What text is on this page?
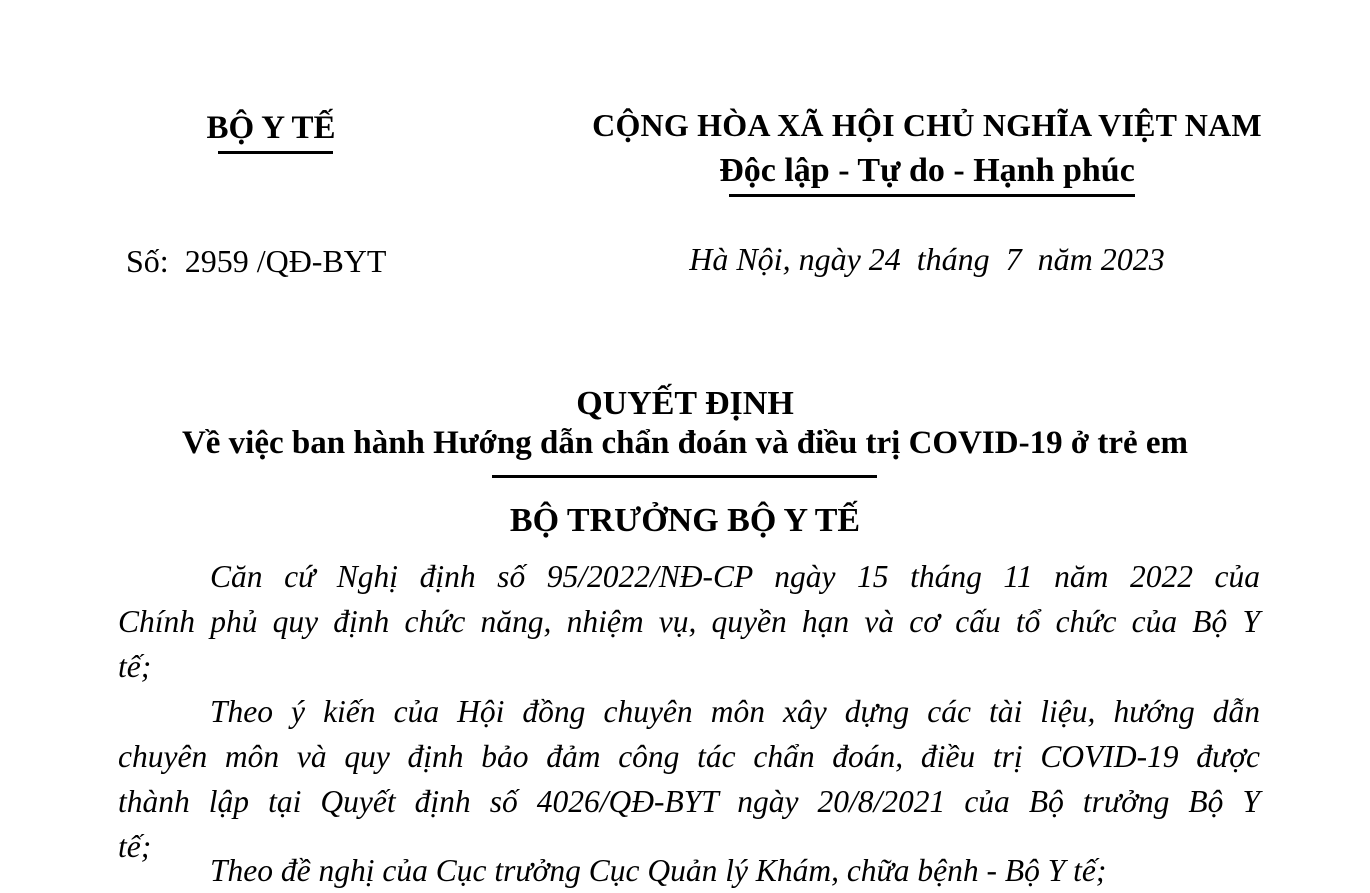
BỘ Y TẾ
Số:  2959 /QĐ-BYT
CỘNG HÒA XÃ HỘI CHỦ NGHĨA VIỆT NAM
Độc lập - Tự do - Hạnh phúc
Hà Nội, ngày 24  tháng  7  năm 2023
QUYẾT ĐỊNH
Về việc ban hành Hướng dẫn chẩn đoán và điều trị COVID-19 ở trẻ em
BỘ TRƯỞNG BỘ Y TẾ
Căn cứ Nghị định số 95/2022/NĐ-CP ngày 15 tháng 11 năm 2022 của
Chính phủ quy định chức năng, nhiệm vụ, quyền hạn và cơ cấu tổ chức của Bộ Y
tế;
Theo ý kiến của Hội đồng chuyên môn xây dựng các tài liệu, hướng dẫn
chuyên môn và quy định bảo đảm công tác chẩn đoán, điều trị COVID-19 được
thành lập tại Quyết định số 4026/QĐ-BYT ngày 20/8/2021 của Bộ trưởng Bộ Y
tế;
Theo đề nghị của Cục trưởng Cục Quản lý Khám, chữa bệnh - Bộ Y tế;
